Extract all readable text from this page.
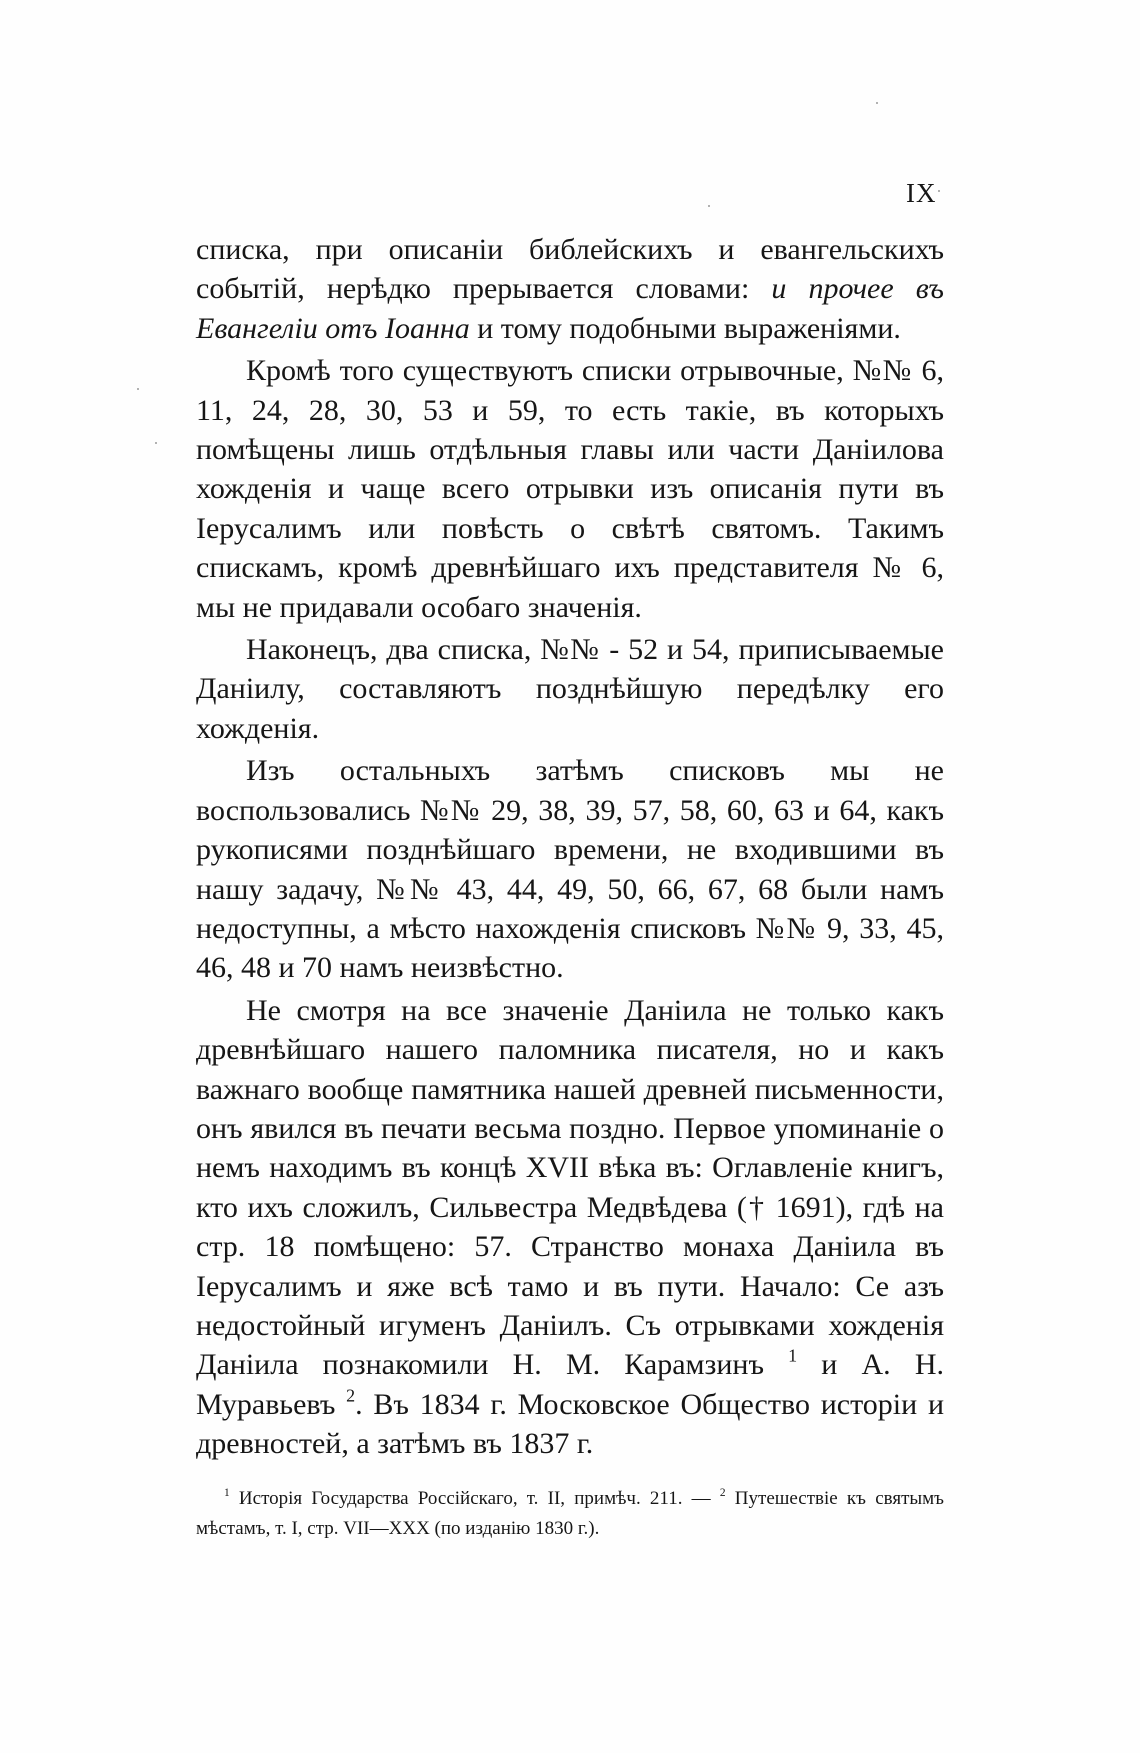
IX

списка, при описаніи библейскихъ и евангельскихъ событій, нерѣдко прерывается словами: и прочее въ Евангеліи отъ Іоанна и тому подобными выраженіями.

Кромѣ того существуютъ списки отрывочные, №№ 6, 11, 24, 28, 30, 53 и 59, то есть такіе, въ которыхъ помѣщены лишь отдѣльныя главы или части Даніилова хожденія и чаще всего отрывки изъ описанія пути въ Іерусалимъ или повѣсть о свѣтѣ святомъ. Такимъ спискамъ, кромѣ древнѣйшаго ихъ представителя № 6, мы не придавали особаго значенія.

Наконецъ, два списка, №№ - 52 и 54, приписываемые Даніилу, составляютъ позднѣйшую передѣлку его хожденія.

Изъ остальныхъ затѣмъ списковъ мы не воспользовались №№ 29, 38, 39, 57, 58, 60, 63 и 64, какъ рукописями позднѣйшаго времени, не входившими въ нашу задачу, №№ 43, 44, 49, 50, 66, 67, 68 были намъ недоступны, а мѣсто нахожденія списковъ №№ 9, 33, 45, 46, 48 и 70 намъ неизвѣстно.

Не смотря на все значеніе Даніила не только какъ древнѣйшаго нашего паломника писателя, но и какъ важнаго вообще памятника нашей древней письменности, онъ явился въ печати весьма поздно. Первое упоминаніе о немъ находимъ въ концѣ XVII вѣка въ: Оглавленіе книгъ, кто ихъ сложилъ, Сильвестра Медвѣдева († 1691), гдѣ на стр. 18 помѣщено: 57. Странство монаха Даніила въ Іерусалимъ и яже всѣ тамо и въ пути. Начало: Се азъ недостойный игуменъ Даніилъ. Съ отрывками хожденія Даніила познакомили Н. М. Карамзинъ $^1$ и А. Н. Муравьевъ $^2$. Въ 1834 г. Московское Общество исторіи и древностей, а затѣмъ въ 1837 г.

$^1$ Исторія Государства Россійскаго, т. II, примѣч. 211. — $^2$ Путешествіе къ святымъ мѣстамъ, т. I, стр. VII—XXX (по изданію 1830 г.).
